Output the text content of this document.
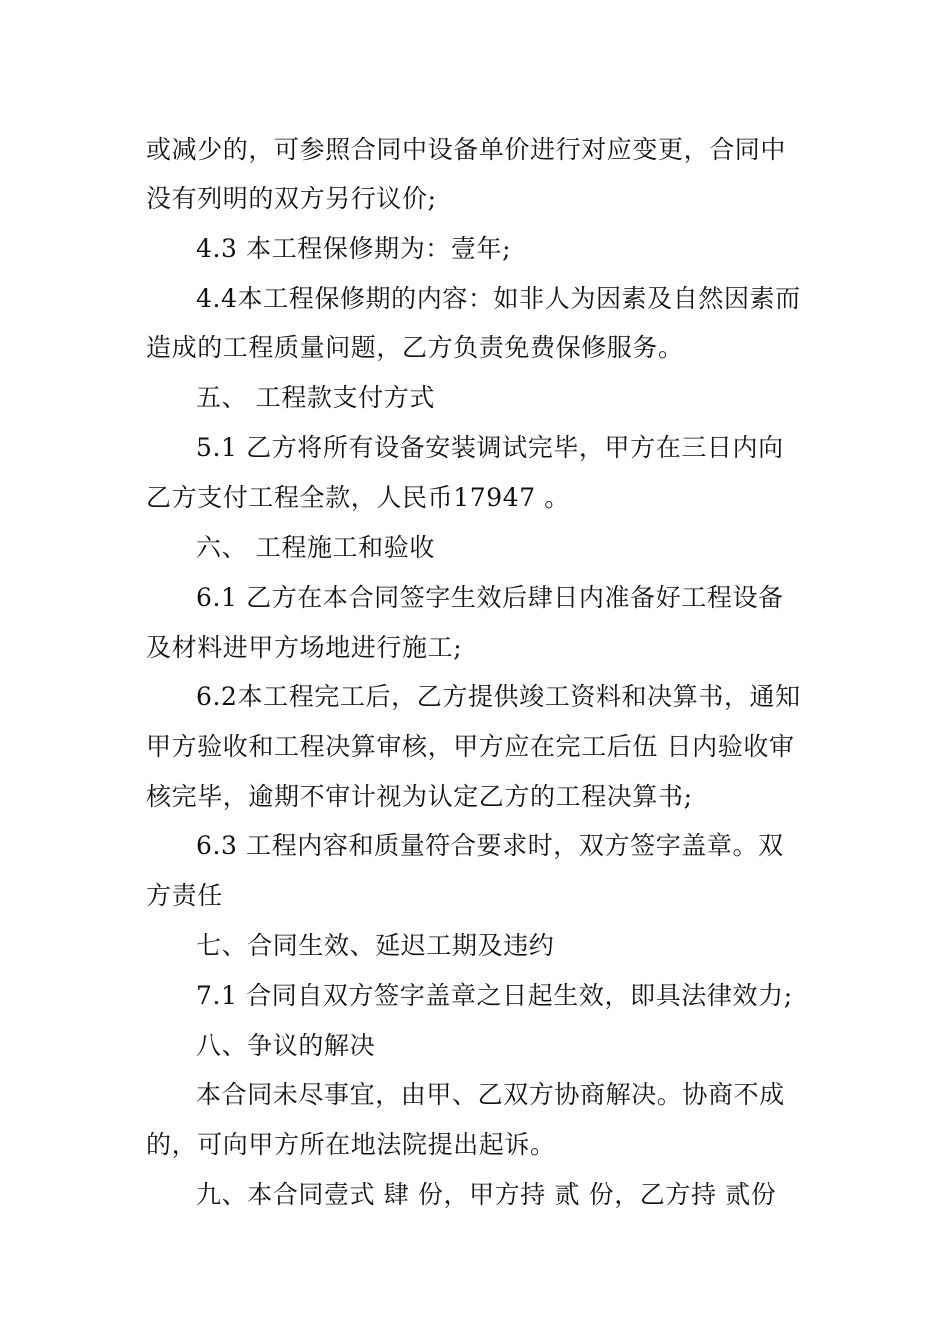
或减少的，可参照合同中设备单价进行对应变更，合同中
没有列明的双方另行议价;
4.3 本工程保修期为：壹年;
4.4本工程保修期的内容：如非人为因素及自然因素而
造成的工程质量问题，乙方负责免费保修服务。
五、 工程款支付方式
5.1 乙方将所有设备安装调试完毕，甲方在三日内向
乙方支付工程全款，人民币17947 。
六、 工程施工和验收
6.1 乙方在本合同签字生效后肆日内准备好工程设备
及材料进甲方场地进行施工;
6.2本工程完工后，乙方提供竣工资料和决算书，通知
甲方验收和工程决算审核，甲方应在完工后伍 日内验收审
核完毕，逾期不审计视为认定乙方的工程决算书;
6.3 工程内容和质量符合要求时，双方签字盖章。双
方责任
七、合同生效、延迟工期及违约
7.1 合同自双方签字盖章之日起生效，即具法律效力;
八、争议的解决
本合同未尽事宜，由甲、乙双方协商解决。协商不成
的，可向甲方所在地法院提出起诉。
九、本合同壹式 肆 份，甲方持 贰 份，乙方持 贰份
